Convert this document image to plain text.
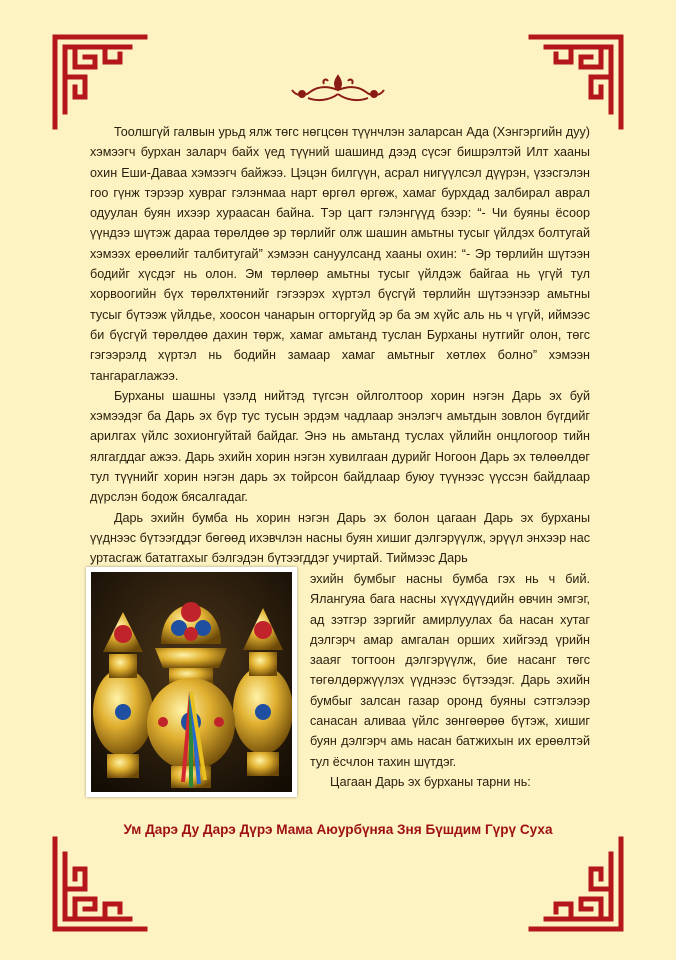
Тоолшгүй галвын урьд ялж төгс нөгцсөн түүнчлэн заларсан Ада (Хэнгэргийн дуу) хэмээгч бурхан заларч байх үед түүний шашинд дээд сүсэг бишрэлтэй Илт хааны охин Еши-Даваа хэмээгч байжээ. Цэцэн билгүүн, асрал нигүүлсэл дүүрэн, үзэсгэлэн гоо гүнж тэрээр хувраг гэлэнмаа нарт өргөл өргөж, хамаг бурхдад залбирал аврал одуулан буян ихээр хураасан байна. Тэр цагт гэлэнгүүд бээр: “- Чи буяны ёсоор үүндээ шүтэж дараа төрөлдөө эр төрлийг олж шашин амьтны тусыг үйлдэх болтугай хэмээх ерөөлийг талбитугай” хэмээн сануулсанд хааны охин: “- Эр төрлийн шүтээн бодийг хүсдэг нь олон. Эм төрлөөр амьтны тусыг үйлдэж байгаа нь үгүй тул хорвоогийн бүх төрөлхтөнийг гэгээрэх хүртэл бүсгүй төрлийн шүтээнээр амьтны тусыг бүтээж үйлдье, хоосон чанарын огторгуйд эр ба эм хүйс аль нь ч үгүй, иймээс би бүсгүй төрөлдөө дахин төрж, хамаг амьтанд туслан Бурханы нутгийг олон, төгс гэгээрэлд хүртэл нь бодийн замаар хамаг амьтныг хөтлөх болно” хэмээн тангараглажээ.

Бурханы шашны үзэлд нийтэд түгсэн ойлголтоор хорин нэгэн Дарь эх буй хэмээдэг ба Дарь эх бүр тус тусын эрдэм чадлаар энэлэгч амьтдын зовлон бүгдийг арилгах үйлс зохионгуйтай байдаг. Энэ нь амьтанд туслах үйлийн онцлогоор тийн ялгагддаг ажээ. Дарь эхийн хорин нэгэн хувилгаан дурийг Ногоон Дарь эх төлөөлдөг тул түүнийг хорин нэгэн дарь эх тойрсон байдлаар буюу түүнээс үүссэн байдлаар дүрслэн бодож бясалгадаг.

Дарь эхийн бумба нь хорин нэгэн Дарь эх болон цагаан Дарь эх бурханы үүднээс бүтээгддэг бөгөөд ихэвчлэн насны буян хишиг дэлгэрүүлж, эрүүл энхээр нас уртасгаж бататгахыг бэлгэдэн бүтээгддэг учиртай. Тиймээс Дарь

эхийн бумбыг насны бумба гэх нь ч бий. Ялангуяа бага насны хүүхдүүдийн өвчин эмгэг, ад зэтгэр зэргийг амирлуулах ба насан хутаг дэлгэрч амар амгалан орших хийгээд үрийн зааяг тогтоон дэлгэрүүлж, бие насанг төгс төгөлдөржүүлэх үүднээс бүтээдэг. Дарь эхийн бумбыг залсан газар оронд буяны сэтгэлээр санасан аливаа үйлс зөнгөөрөө бүтэж, хишиг буян дэлгэрч амь насан батжихын их ерөөлтэй тул ёсчлон тахин шүтдэг.

Цагаан Дарь эх бурханы тарни нь:

Ум Дарэ Ду Дарэ Дүрэ Мама Аюурбүняа Зня Бүшдим Гүрү Суха
